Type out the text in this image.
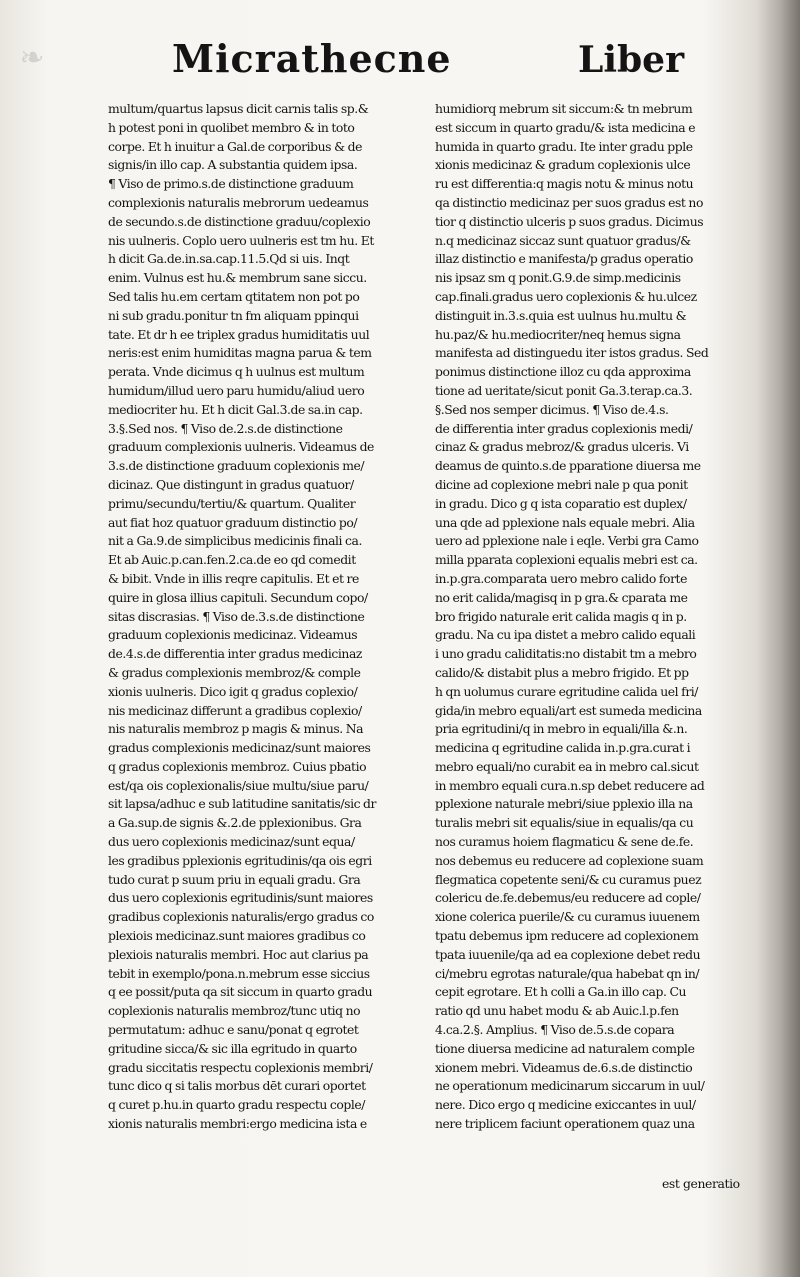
❧	Micrathecne	Liber
multum/quartus lapsus dicit carnis talis sp.&
h potest poni in quolibet membro & in toto
corpe. Et h inuitur a Gal.de corporibus & de
signis/in illo cap. A substantia quidem ipsa.
¶ Viso de primo.s.de distinctione graduum
complexionis naturalis mebrorum uedeamus
de secundo.s.de distinctione graduu/coplexio
nis uulneris. Coplo uero uulneris est tm hu. Et
h dicit Ga.de.in.sa.cap.11.5.Qd si uis. Inqt
enim. Vulnus est hu.& membrum sane siccu.
Sed talis hu.em certam qtitatem non pot po
ni sub gradu.ponitur tn fm aliquam ppinqui
tate. Et dr h ee triplex gradus humiditatis uul
neris:est enim humiditas magna parua & tem
perata. Vnde dicimus q h uulnus est multum
humidum/illud uero paru humidu/aliud uero
mediocriter hu. Et h dicit Gal.3.de sa.in cap.
3.§.Sed nos. ¶ Viso de.2.s.de distinctione
graduum complexionis uulneris. Videamus de
3.s.de distinctione graduum coplexionis me/
dicinaz. Que distingunt in gradus quatuor/
primu/secundu/tertiu/& quartum. Qualiter
aut fiat hoz quatuor graduum distinctio po/
nit a Ga.9.de simplicibus medicinis finali ca.
Et ab Auic.p.can.fen.2.ca.de eo qd comedit
& bibit. Vnde in illis reqre capitulis. Et et re
quire in glosa illius capituli. Secundum copo/
sitas discrasias. ¶ Viso de.3.s.de distinctione
graduum coplexionis medicinaz. Videamus
de.4.s.de differentia inter gradus medicinaz
& gradus complexionis membroz/& comple
xionis uulneris. Dico igit q gradus coplexio/
nis medicinaz differunt a gradibus coplexio/
nis naturalis membroz p magis & minus. Na
gradus complexionis medicinaz/sunt maiores
q gradus coplexionis membroz. Cuius pbatio
est/qa ois coplexionalis/siue multu/siue paru/
sit lapsa/adhuc e sub latitudine sanitatis/sic dr
a Ga.sup.de signis &.2.de pplexionibus. Gra
dus uero coplexionis medicinaz/sunt equa/
les gradibus pplexionis egritudinis/qa ois egri
tudo curat p suum priu in equali gradu. Gra
dus uero coplexionis egritudinis/sunt maiores
gradibus coplexionis naturalis/ergo gradus co
plexiois medicinaz.sunt maiores gradibus co
plexiois naturalis membri. Hoc aut clarius pa
tebit in exemplo/pona.n.mebrum esse siccius
q ee possit/puta qa sit siccum in quarto gradu
coplexionis naturalis membroz/tunc utiq no
permutatum: adhuc e sanu/ponat q egrotet
gritudine sicca/& sic illa egritudo in quarto
gradu siccitatis respectu coplexionis membri/
tunc dico q si talis morbus dēt curari oportet
q curet p.hu.in quarto gradu respectu cople/
xionis naturalis membri:ergo medicina ista e
humidiorq mebrum sit siccum:& tn mebrum
est siccum in quarto gradu/& ista medicina e
humida in quarto gradu. Ite inter gradu pple
xionis medicinaz & gradum coplexionis ulce
ru est differentia:q magis notu & minus notu
qa distinctio medicinaz per suos gradus est no
tior q distinctio ulceris p suos gradus. Dicimus
n.q medicinaz siccaz sunt quatuor gradus/&
illaz distinctio e manifesta/p gradus operatio
nis ipsaz sm q ponit.G.9.de simp.medicinis
cap.finali.gradus uero coplexionis & hu.ulcez
distinguit in.3.s.quia est uulnus hu.multu &
hu.paz/& hu.mediocriter/neq hemus signa
manifesta ad distinguedu iter istos gradus. Sed
ponimus distinctione illoz cu qda approxima
tione ad ueritate/sicut ponit Ga.3.terap.ca.3.
§.Sed nos semper dicimus. ¶ Viso de.4.s.
de differentia inter gradus coplexionis medi/
cinaz & gradus mebroz/& gradus ulceris. Vi
deamus de quinto.s.de pparatione diuersa me
dicine ad coplexione mebri nale p qua ponit
in gradu. Dico g q ista coparatio est duplex/
una qde ad pplexione nals equale mebri. Alia
uero ad pplexione nale i eqle. Verbi gra Camo
milla pparata coplexioni equalis mebri est ca.
in.p.gra.comparata uero mebro calido forte
no erit calida/magisq in p gra.& cparata me
bro frigido naturale erit calida magis q in p.
gradu. Na cu ipa distet a mebro calido equali
i uno gradu caliditatis:no distabit tm a mebro
calido/& distabit plus a mebro frigido. Et pp
h qn uolumus curare egritudine calida uel fri/
gida/in mebro equali/art est sumeda medicina
pria egritudini/q in mebro in equali/illa &.n.
medicina q egritudine calida in.p.gra.curat i
mebro equali/no curabit ea in mebro cal.sicut
in membro equali cura.n.sp debet reducere ad
pplexione naturale mebri/siue pplexio illa na
turalis mebri sit equalis/siue in equalis/qa cu
nos curamus hoiem flagmaticu & sene de.fe.
nos debemus eu reducere ad coplexione suam
flegmatica copetente seni/& cu curamus puez
colericu de.fe.debemus/eu reducere ad cople/
xione colerica puerile/& cu curamus iuuenem
tpatu debemus ipm reducere ad coplexionem
tpata iuuenile/qa ad ea coplexione debet redu
ci/mebru egrotas naturale/qua habebat qn in/
cepit egrotare. Et h colli a Ga.in illo cap. Cu
ratio qd unu habet modu & ab Auic.l.p.fen
4.ca.2.§. Amplius. ¶ Viso de.5.s.de copara
tione diuersa medicine ad naturalem comple
xionem mebri. Videamus de.6.s.de distinctio
ne operationum medicinarum siccarum in uul/
nere. Dico ergo q medicine exiccantes in uul/
nere triplicem faciunt operationem quaz una
est generatio
